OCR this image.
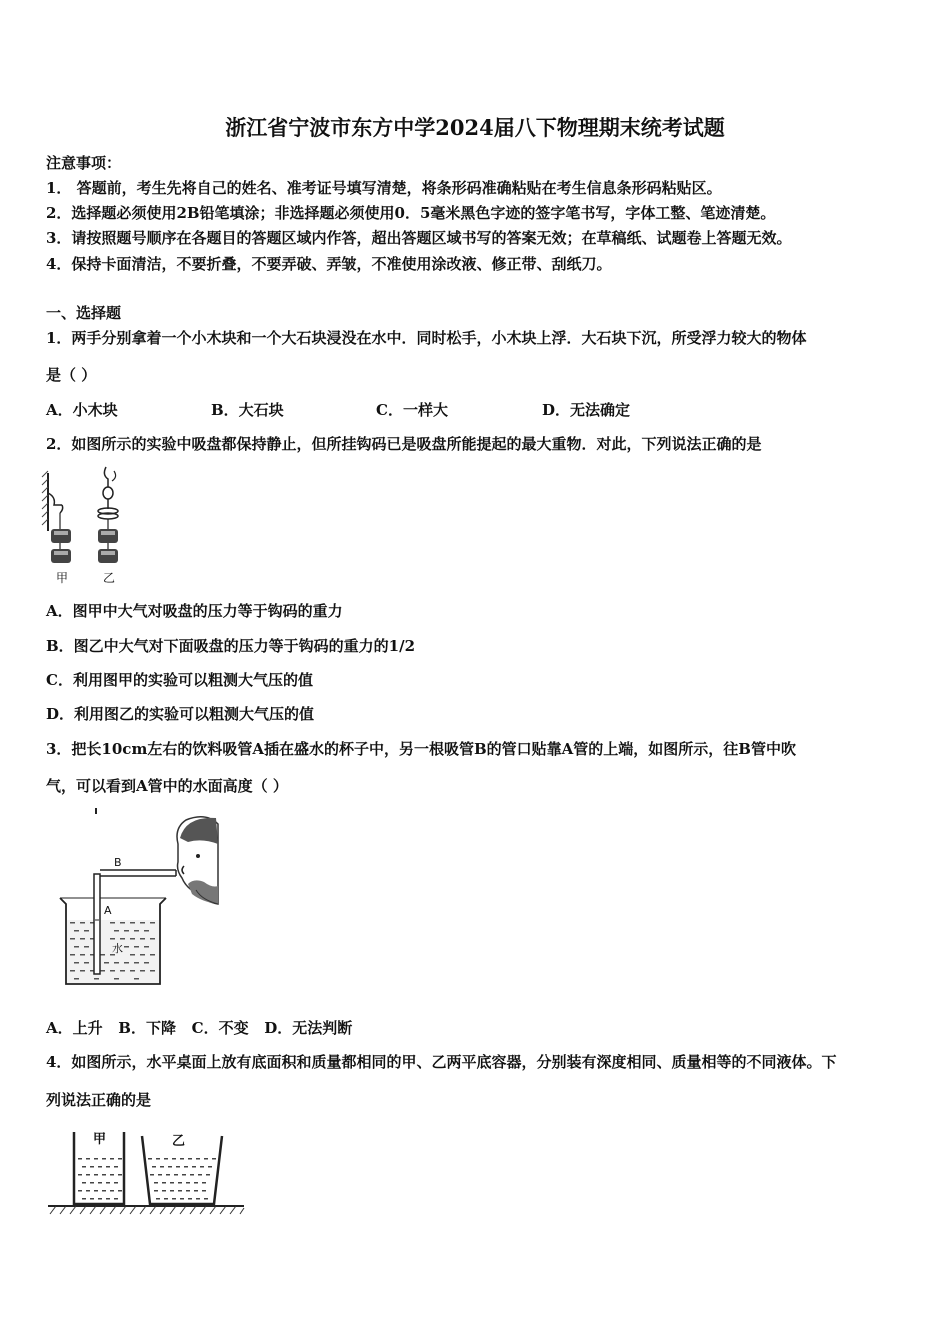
浙江省宁波市东方中学2024届八下物理期末统考试题
注意事项：
1． 答题前，考生先将自己的姓名、准考证号填写清楚，将条形码准确粘贴在考生信息条形码粘贴区。
2．选择题必须使用2B铅笔填涂；非选择题必须使用0．5毫米黑色字迹的签字笔书写，字体工整、笔迹清楚。
3．请按照题号顺序在各题目的答题区域内作答，超出答题区域书写的答案无效；在草稿纸、试题卷上答题无效。
4．保持卡面清洁，不要折叠，不要弄破、弄皱，不准使用涂改液、修正带、刮纸刀。
一、选择题
1．两手分别拿着一个小木块和一个大石块浸没在水中．同时松手，小木块上浮．大石块下沉，所受浮力较大的物体
是（ ）
A．小木块	B．大石块	C．一样大	D．无法确定
2．如图所示的实验中吸盘都保持静止，但所挂钩码已是吸盘所能提起的最大重物．对此，下列说法正确的是
甲	乙
A．图甲中大气对吸盘的压力等于钩码的重力
B．图乙中大气对下面吸盘的压力等于钩码的重力的1/2
C．利用图甲的实验可以粗测大气压的值
D．利用图乙的实验可以粗测大气压的值
3．把长10cm左右的饮料吸管A插在盛水的杯子中，另一根吸管B的管口贴靠A管的上端，如图所示，往B管中吹
气，可以看到A管中的水面高度（ ）
B
A
水
A．上升   B．下降   C．不变   D．无法判断
4．如图所示，水平桌面上放有底面积和质量都相同的甲、乙两平底容器，分别装有深度相同、质量相等的不同液体。下
列说法正确的是
甲	乙
